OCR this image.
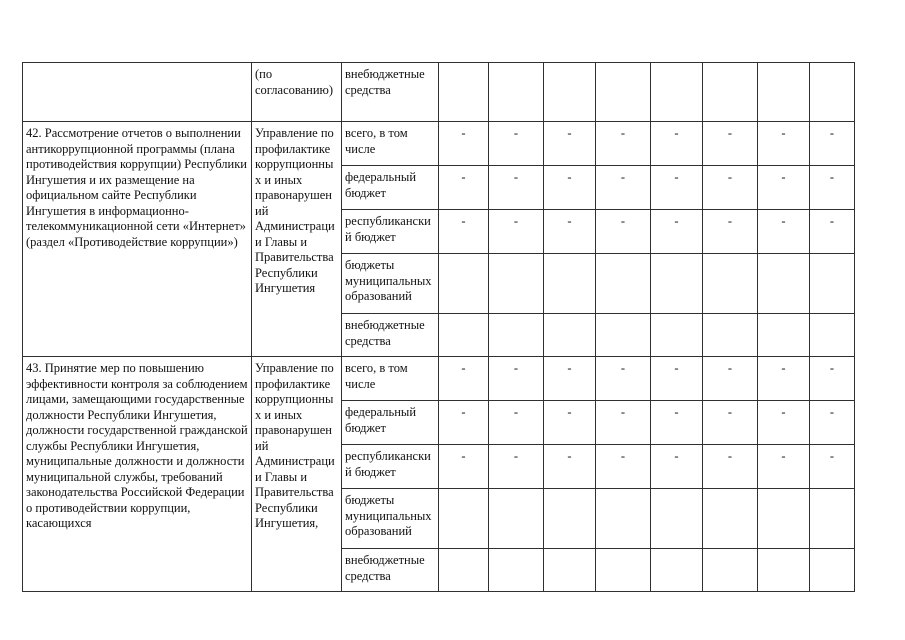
	(по согласованию)	внебюджетные средства								
42. Рассмотрение отчетов о выполнении антикоррупционной программы (плана противодействия коррупции) Республики Ингушетия и их размещение на официальном сайте Республики Ингушетия в информационно-телекоммуникационной сети «Интернет» (раздел «Противодействие коррупции»)	Управление по профилактике коррупционных и иных правонарушений Администрации Главы и Правительства Республики Ингушетия	всего, в том числе	-	-	-	-	-	-	-	-
		федеральный бюджет	-	-	-	-	-	-	-	-
		республиканский бюджет	-	-	-	-	-	-	-	-
		бюджеты муниципальных образований								
		внебюджетные средства								
43. Принятие мер по повышению эффективности контроля за соблюдением лицами, замещающими государственные должности Республики Ингушетия, должности государственной гражданской службы Республики Ингушетия, муниципальные должности и должности муниципальной службы, требований законодательства Российской Федерации о противодействии коррупции, касающихся	Управление по профилактике коррупционных и иных правонарушений Администрации Главы и Правительства Республики Ингушетия,	всего, в том числе	-	-	-	-	-	-	-	-
		федеральный бюджет	-	-	-	-	-	-	-	-
		республиканский бюджет	-	-	-	-	-	-	-	-
		бюджеты муниципальных образований								
		внебюджетные средства								
